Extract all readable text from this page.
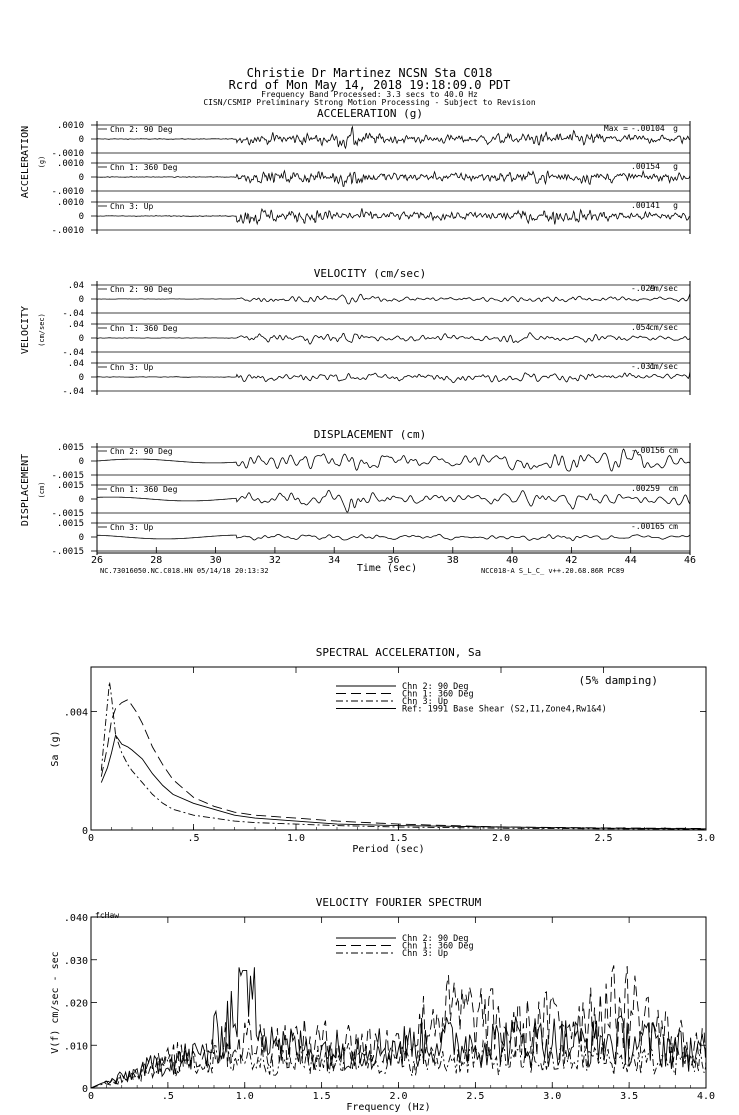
Christie Dr Martinez NCSN Sta C018
Rcrd of Mon May 14, 2018 19:18:09.0 PDT
Frequency Band Processed: 3.3 secs to 40.0 Hz
CISN/CSMIP Preliminary Strong Motion Processing - Subject to Revision
ACCELERATION (g)
ACCELERATION (g)
.0010
0
-.0010
Chn 2: 90 Deg	Max = -.00104 g
.0010
0
-.0010
Chn 1: 360 Deg	.00154 g
.0010
0
-.0010
Chn 3: Up	.00141 g
VELOCITY (cm/sec)
VELOCITY (cm/sec)
.04
0
-.04
Chn 2: 90 Deg	-.029
cm/sec
.04
0
-.04
Chn 1: 360 Deg	.054
cm/sec
.04
0
-.04
Chn 3: Up	-.031
cm/sec
DISPLACEMENT (cm)
DISPLACEMENT (cm)
.0015
0
-.0015
Chn 2: 90 Deg	-.00156 cm
.0015
0
-.0015
Chn 1: 360 Deg	.00259 cm
.0015
0
-.0015
Chn 3: Up	-.00165 cm
26	28	30	32	34	36	38	40	42	44	46
Time (sec)
NC.73016050.NC.C018.HN 05/14/18 20:13:32	NCC018-A S_L_C_ v++.20.68.86R PC89
SPECTRAL ACCELERATION, Sa
0	.5	1.0	1.5	2.0	2.5	3.0
0
.004
Period (sec)
Sa (g)
Chn 2: 90 Deg
Chn 1: 360 Deg
Chn 3: Up
Ref: 1991 Base Shear (S2,I1,Zone4,Rw1&4)
(5% damping)
VELOCITY FOURIER SPECTRUM
0	.5	1.0	1.5	2.0	2.5	3.0	3.5	4.0
0
.010
.020
.030
.040
Frequency (Hz)
V(f) cm/sec - sec
Chn 2: 90 Deg
Chn 1: 360 Deg
Chn 3: Up
fcHaw
